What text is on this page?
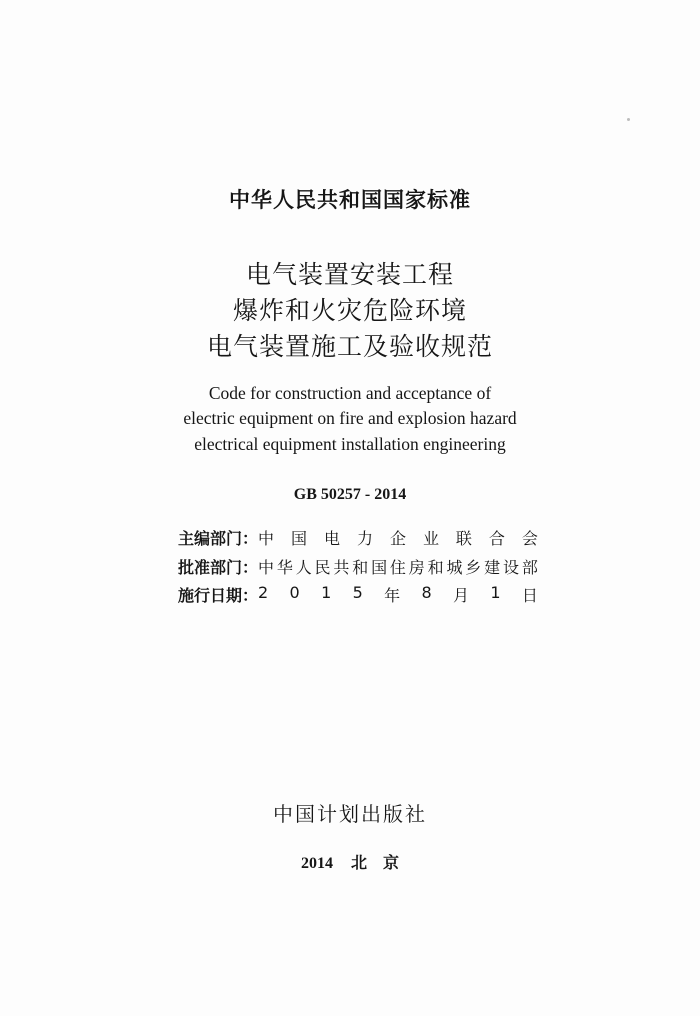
中华人民共和国国家标准
电气装置安装工程
爆炸和火灾危险环境
电气装置施工及验收规范
Code for construction and acceptance of
electric equipment on fire and explosion hazard
electrical equipment installation engineering
GB 50257 - 2014
主编部门： 中 国 电 力 企 业 联 合 会
批准部门： 中 华 人 民 共 和 国 住 房 和 城 乡 建 设 部
施行日期： 2 0 1 5 年 8 月 1 日
中国计划出版社
2014 北 京
